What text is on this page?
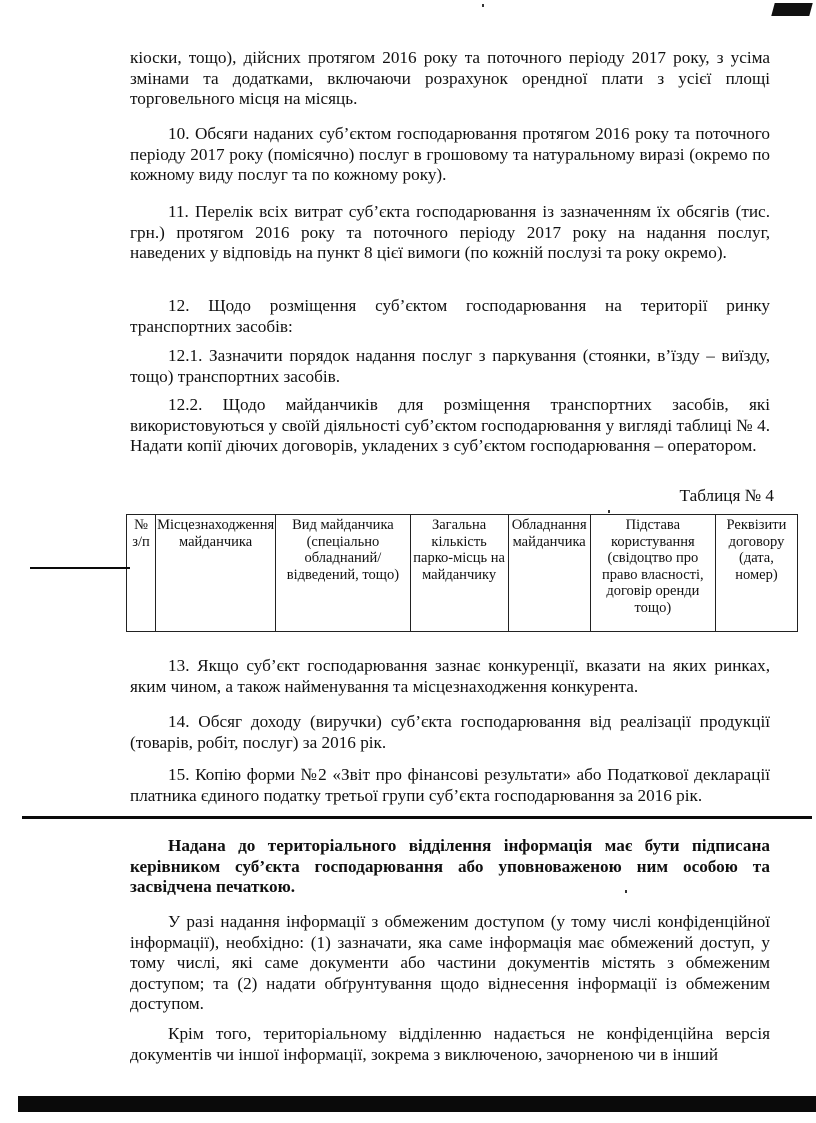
кіоски, тощо), дійсних протягом 2016 року та поточного періоду 2017 року, з усіма змінами та додатками, включаючи розрахунок орендної плати з усієї площі торговельного місця на місяць.
10. Обсяги наданих суб’єктом господарювання протягом 2016 року та поточного періоду 2017 року (помісячно) послуг в грошовому та натуральному виразі (окремо по кожному виду послуг та по кожному року).
11. Перелік всіх витрат суб’єкта господарювання із зазначенням їх обсягів (тис. грн.) протягом 2016 року та поточного періоду 2017 року на надання послуг, наведених у відповідь на пункт 8 цієї вимоги (по кожній послузі та року окремо).
12. Щодо розміщення суб’єктом господарювання на території ринку транспортних засобів:
12.1. Зазначити порядок надання послуг з паркування (стоянки, в’їзду – виїзду, тощо) транспортних засобів.
12.2. Щодо майданчиків для розміщення транспортних засобів, які використовуються у своїй діяльності суб’єктом господарювання у вигляді таблиці № 4. Надати копії діючих договорів, укладених з суб’єктом господарювання – оператором.
Таблиця № 4
№ з/п	Місцезнаходження майданчика	Вид майданчика (спеціально обладнаний/відведений, тощо)	Загальна кількість парко-місць на майданчику	Обладнання майданчика	Підстава користування (свідоцтво про право власності, договір оренди тощо)	Реквізити договору (дата, номер)
13. Якщо суб’єкт господарювання зазнає конкуренції, вказати на яких ринках, яким чином, а також найменування та місцезнаходження конкурента.
14. Обсяг доходу (виручки) суб’єкта господарювання від реалізації продукції (товарів, робіт, послуг) за 2016 рік.
15. Копію форми №2 «Звіт про фінансові результати» або Податкової декларації платника єдиного податку третьої групи суб’єкта господарювання за 2016 рік.
Надана до територіального відділення інформація має бути підписана керівником суб’єкта господарювання або уповноваженою ним особою та засвідчена печаткою.
У разі надання інформації з обмеженим доступом (у тому числі конфіденційної інформації), необхідно: (1) зазначати, яка саме інформація має обмежений доступ, у тому числі, які саме документи або частини документів містять з обмеженим доступом; та (2) надати обґрунтування щодо віднесення інформації із обмеженим доступом.
Крім того, територіальному відділенню надається не конфіденційна версія документів чи іншої інформації, зокрема з виключеною, зачорненою чи в інший
